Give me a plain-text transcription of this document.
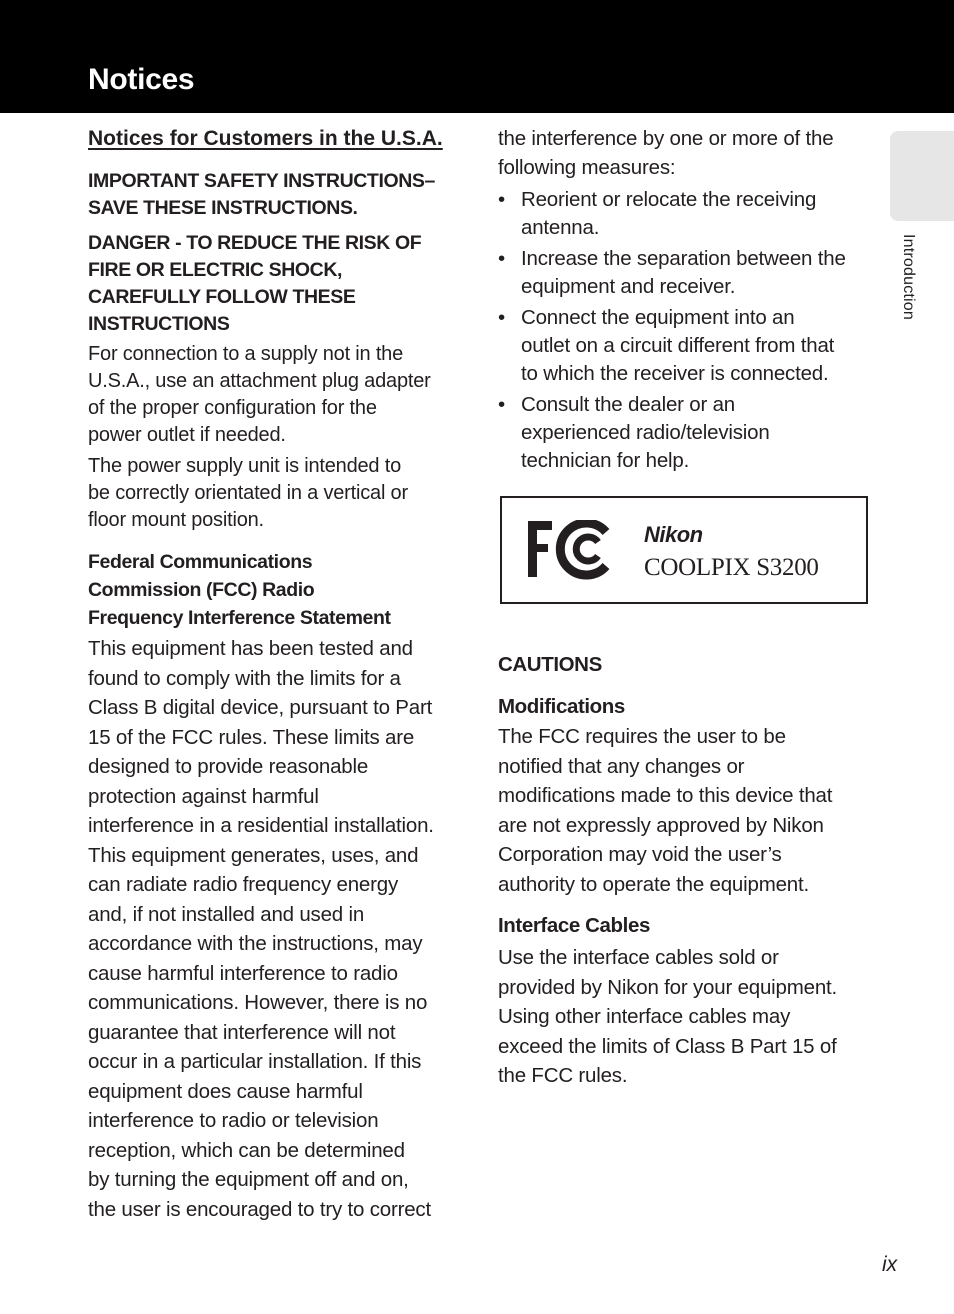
Notices

Notices for Customers in the U.S.A.

IMPORTANT SAFETY INSTRUCTIONS–

SAVE THESE INSTRUCTIONS.

DANGER - TO REDUCE THE RISK OF

FIRE OR ELECTRIC SHOCK,

CAREFULLY FOLLOW THESE

INSTRUCTIONS

For connection to a supply not in the

U.S.A., use an attachment plug adapter

of the proper configuration for the

power outlet if needed.

The power supply unit is intended to

be correctly orientated in a vertical or

floor mount position.

Federal Communications

Commission (FCC) Radio

Frequency Interference Statement

This equipment has been tested and

found to comply with the limits for a

Class B digital device, pursuant to Part

15 of the FCC rules. These limits are

designed to provide reasonable

protection against harmful

interference in a residential installation.

This equipment generates, uses, and

can radiate radio frequency energy

and, if not installed and used in

accordance with the instructions, may

cause harmful interference to radio

communications. However, there is no

guarantee that interference will not

occur in a particular installation. If this

equipment does cause harmful

interference to radio or television

reception, which can be determined

by turning the equipment off and on,

the user is encouraged to try to correct

the interference by one or more of the

following measures:

• Reorient or relocate the receiving
antenna.
• Increase the separation between the
equipment and receiver.
• Connect the equipment into an
outlet on a circuit different from that
to which the receiver is connected.
• Consult the dealer or an
experienced radio/television
technician for help.
Nikon
COOLPIX S3200

CAUTIONS

Modifications

The FCC requires the user to be

notified that any changes or

modifications made to this device that

are not expressly approved by Nikon

Corporation may void the user’s

authority to operate the equipment.

Interface Cables

Use the interface cables sold or

provided by Nikon for your equipment.

Using other interface cables may

exceed the limits of Class B Part 15 of

the FCC rules.

Introduction
ix
